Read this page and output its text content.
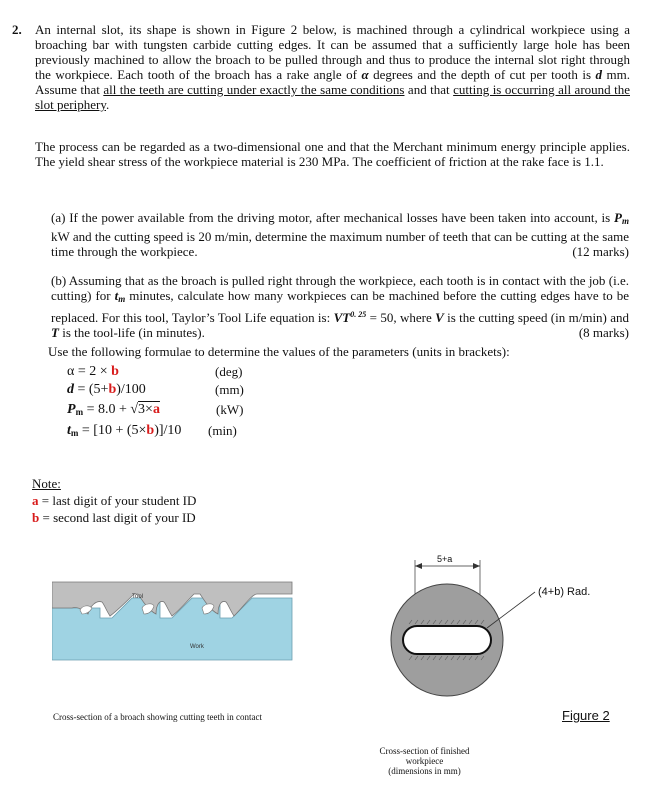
2. An internal slot, its shape is shown in Figure 2 below, is machined through a cylindrical workpiece using a broaching bar with tungsten carbide cutting edges. It can be assumed that a sufficiently large hole has been previously machined to allow the broach to be pulled through and thus to produce the internal slot right through the workpiece. Each tooth of the broach has a rake angle of α degrees and the depth of cut per tooth is d mm. Assume that all the teeth are cutting under exactly the same conditions and that cutting is occurring all around the slot periphery.
The process can be regarded as a two-dimensional one and that the Merchant minimum energy principle applies. The yield shear stress of the workpiece material is 230 MPa. The coefficient of friction at the rake face is 1.1.
(a) If the power available from the driving motor, after mechanical losses have been taken into account, is $P_m$ kW and the cutting speed is 20 m/min, determine the maximum number of teeth that can be cutting at the same time through the workpiece.	(12 marks)
(b) Assuming that as the broach is pulled right through the workpiece, each tooth is in contact with the job (i.e. cutting) for $t_m$ minutes, calculate how many workpieces can be machined before the cutting edges have to be replaced. For this tool, Taylor’s Tool Life equation is: $VT^{0. 25} = 50$, where V is the cutting speed (in m/min) and T is the tool-life (in minutes).	(8 marks)
Use the following formulae to determine the values of the parameters (units in brackets):
α = 2 × b	(deg)
d = (5+b)/100	(mm)
$P_m = 8.0 + √3\times a$	(kW)
$t_m = [10 + (5\times b)]/10$ (min)
Note:
a = last digit of your student ID
b = second last digit of your ID
Tool
Work
Cross-section of a broach showing cutting teeth in contact
5+a
(4+b) Rad.
Cross-section of finished workpiece
(dimensions in mm)
Figure 2
